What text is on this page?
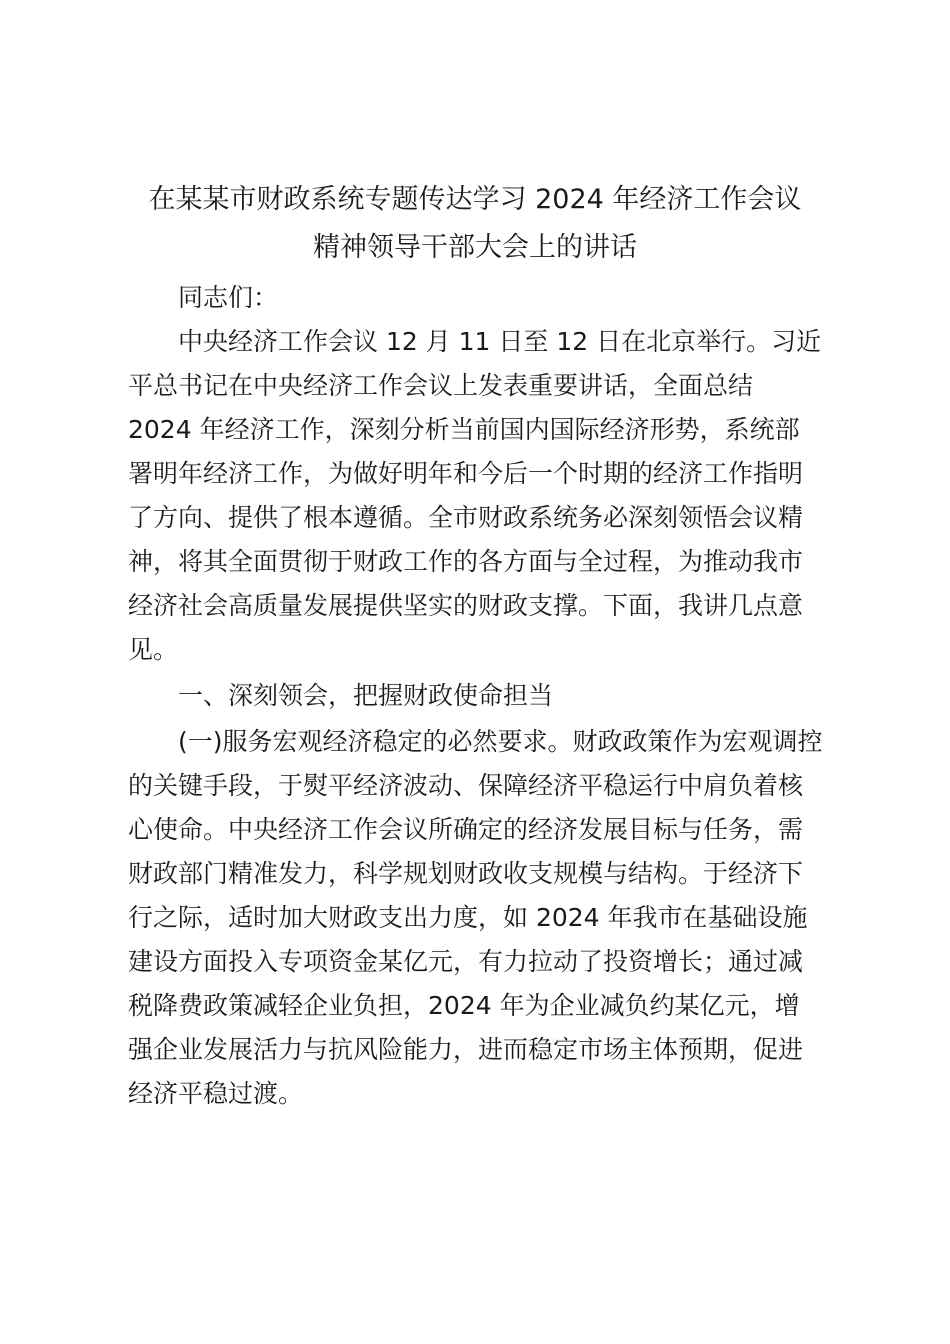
在某某市财政系统专题传达学习 2024 年经济工作会议
精神领导干部大会上的讲话

同志们：

中央经济工作会议 12 月 11 日至 12 日在北京举行。习近

平总书记在中央经济工作会议上发表重要讲话，全面总结

2024 年经济工作，深刻分析当前国内国际经济形势，系统部

署明年经济工作，为做好明年和今后一个时期的经济工作指明

了方向、提供了根本遵循。全市财政系统务必深刻领悟会议精

神，将其全面贯彻于财政工作的各方面与全过程，为推动我市

经济社会高质量发展提供坚实的财政支撑。下面，我讲几点意

见。

一、深刻领会，把握财政使命担当

(一)服务宏观经济稳定的必然要求。财政政策作为宏观调控

的关键手段，于熨平经济波动、保障经济平稳运行中肩负着核

心使命。中央经济工作会议所确定的经济发展目标与任务，需

财政部门精准发力，科学规划财政收支规模与结构。于经济下

行之际，适时加大财政支出力度，如 2024 年我市在基础设施

建设方面投入专项资金某亿元，有力拉动了投资增长；通过减

税降费政策减轻企业负担，2024 年为企业减负约某亿元，增

强企业发展活力与抗风险能力，进而稳定市场主体预期，促进

经济平稳过渡。
